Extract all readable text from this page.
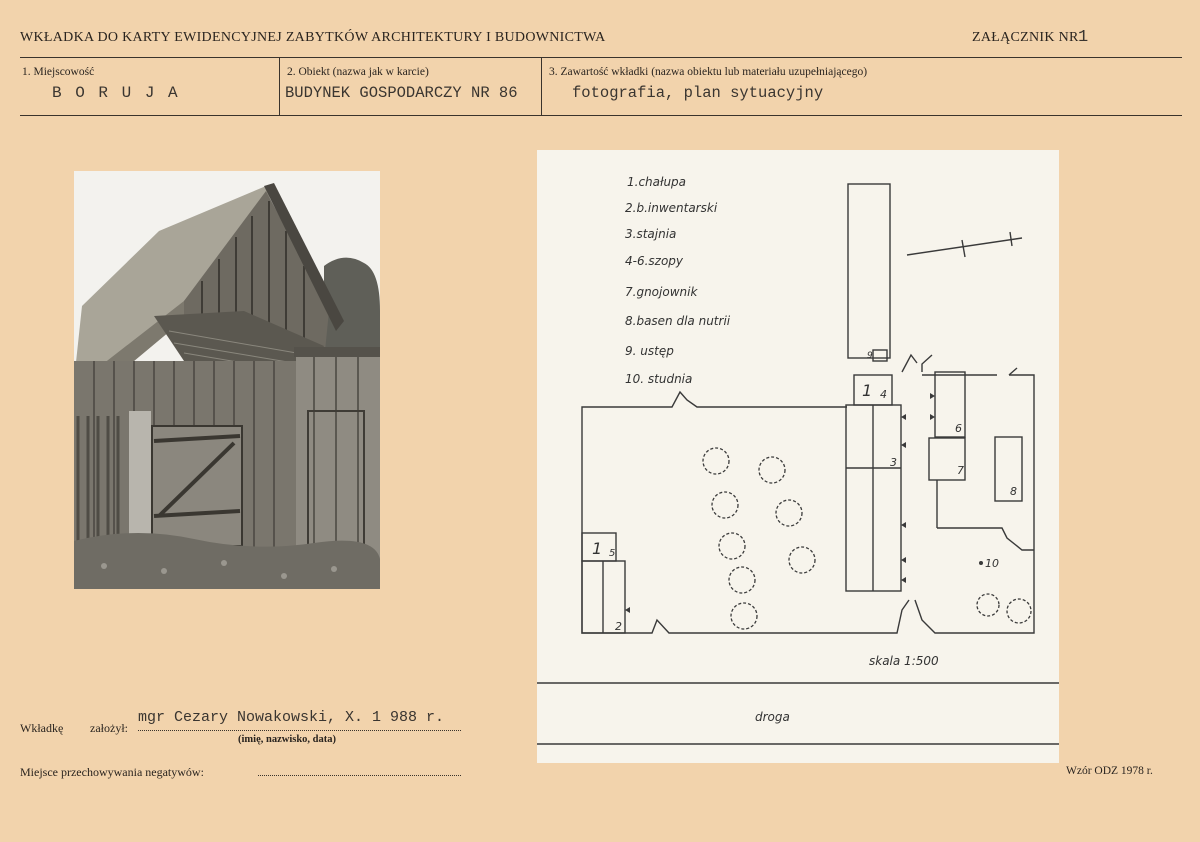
WKŁADKA DO KARTY EWIDENCYJNEJ ZABYTKÓW ARCHITEKTURY I BUDOWNICTWA	ZAŁĄCZNIK NR 1
1. Miejscowość
B O R U J A
2. Obiekt (nazwa jak w karcie)
BUDYNEK GOSPODARCZY NR 86
3. Zawartość wkładki (nazwa obiektu lub materiału uzupełniającego)
fotografia, plan sytuacyjny
1.chałupa
2.b.inwentarski
3.stajnia
4-6.szopy
7.gnojownik
8.basen dla nutrii
9. ustęp
10. studnia
1 4
3
6
7
8
9
10
1 5
2
skala 1:500
droga
Wkładkę założył:
mgr Cezary Nowakowski, X. 1 988 r.
(imię, nazwisko, data)
Miejsce przechowywania negatywów:	Wzór ODZ 1978 r.
